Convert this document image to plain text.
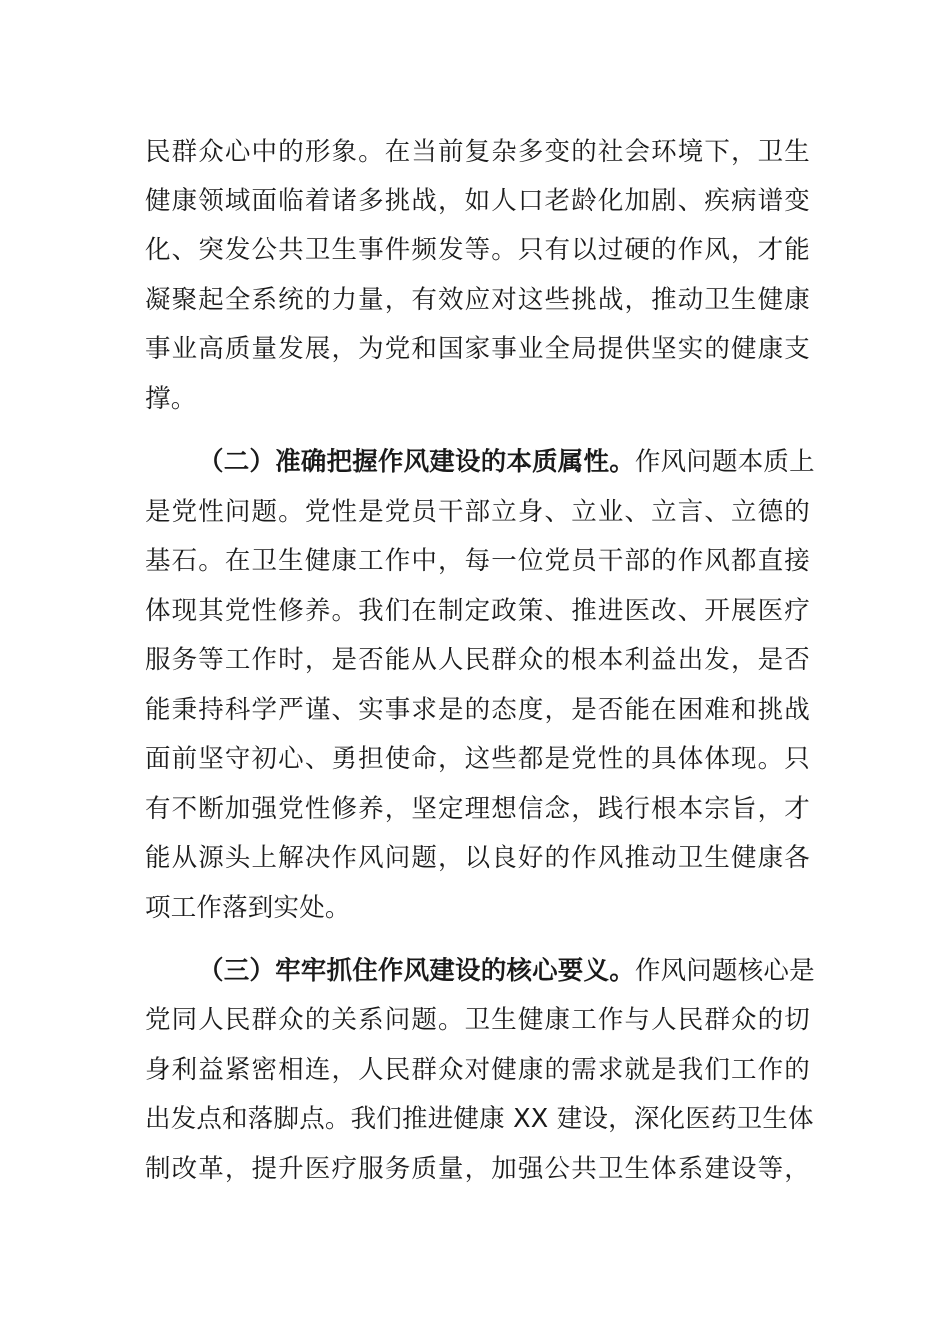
民群众心中的形象。在当前复杂多变的社会环境下，卫生
健康领域面临着诸多挑战，如人口老龄化加剧、疾病谱变
化、突发公共卫生事件频发等。只有以过硬的作风，才能
凝聚起全系统的力量，有效应对这些挑战，推动卫生健康
事业高质量发展，为党和国家事业全局提供坚实的健康支
撑。
（二）准确把握作风建设的本质属性。作风问题本质上
是党性问题。党性是党员干部立身、立业、立言、立德的
基石。在卫生健康工作中，每一位党员干部的作风都直接
体现其党性修养。我们在制定政策、推进医改、开展医疗
服务等工作时，是否能从人民群众的根本利益出发，是否
能秉持科学严谨、实事求是的态度，是否能在困难和挑战
面前坚守初心、勇担使命，这些都是党性的具体体现。只
有不断加强党性修养，坚定理想信念，践行根本宗旨，才
能从源头上解决作风问题，以良好的作风推动卫生健康各
项工作落到实处。
（三）牢牢抓住作风建设的核心要义。作风问题核心是
党同人民群众的关系问题。卫生健康工作与人民群众的切
身利益紧密相连，人民群众对健康的需求就是我们工作的
出发点和落脚点。我们推进健康 XX 建设，深化医药卫生体
制改革，提升医疗服务质量，加强公共卫生体系建设等，
